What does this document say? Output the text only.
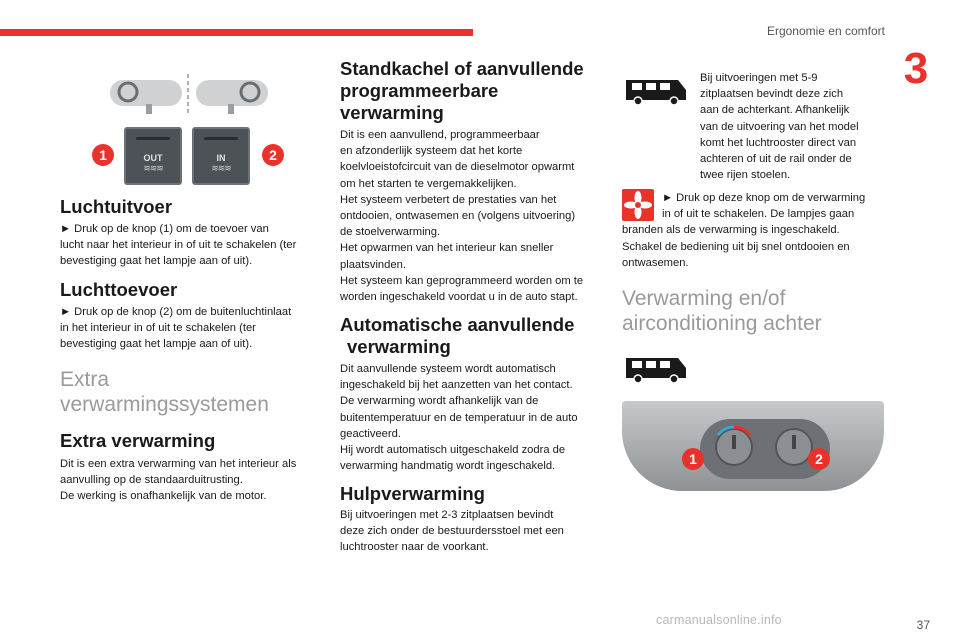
Ergonomie en comfort
3
OUT
≋≋≋
IN
≋≋≋
1	2
Luchtuitvoer

► Druk op de knop (1) om de toevoer van

lucht naar het interieur in of uit te schakelen (ter

bevestiging gaat het lampje aan of uit).

Luchttoevoer

► Druk op de knop (2) om de buitenluchtinlaat

in het interieur in of uit te schakelen (ter

bevestiging gaat het lampje aan of uit).

Extra
verwarmingssystemen
Extra verwarming

Dit is een extra verwarming van het interieur als

aanvulling op de standaarduitrusting.

De werking is onafhankelijk van de motor.

Standkachel of aanvullende
programmeerbare
verwarming

Dit is een aanvullend, programmeerbaar

en afzonderlijk systeem dat het korte

koelvloeistofcircuit van de dieselmotor opwarmt

om het starten te vergemakkelijken.

Het systeem verbetert de prestaties van het

ontdooien, ontwasemen en (volgens uitvoering)

de stoelverwarming.

Het opwarmen van het interieur kan sneller

plaatsvinden.

Het systeem kan geprogrammeerd worden om te

worden ingeschakeld voordat u in de auto stapt.

Automatische aanvullende
verwarming

Dit aanvullende systeem wordt automatisch

ingeschakeld bij het aanzetten van het contact.

De verwarming wordt afhankelijk van de

buitentemperatuur en de temperatuur in de auto

geactiveerd.

Hij wordt automatisch uitgeschakeld zodra de

verwarming handmatig wordt ingeschakeld.

Hulpverwarming

Bij uitvoeringen met 2-3 zitplaatsen bevindt

deze zich onder de bestuurdersstoel met een

luchtrooster naar de voorkant.

Bij uitvoeringen met 5-9

zitplaatsen bevindt deze zich

aan de achterkant. Afhankelijk

van de uitvoering van het model

komt het luchtrooster direct van

achteren of uit de rail onder de

twee rijen stoelen.

► Druk op deze knop om de verwarming

in of uit te schakelen. De lampjes gaan

branden als de verwarming is ingeschakeld.

Schakel de bediening uit bij snel ontdooien en

ontwasemen.

Verwarming en/of
airconditioning achter
1	2
carmanualsonline.info	37
